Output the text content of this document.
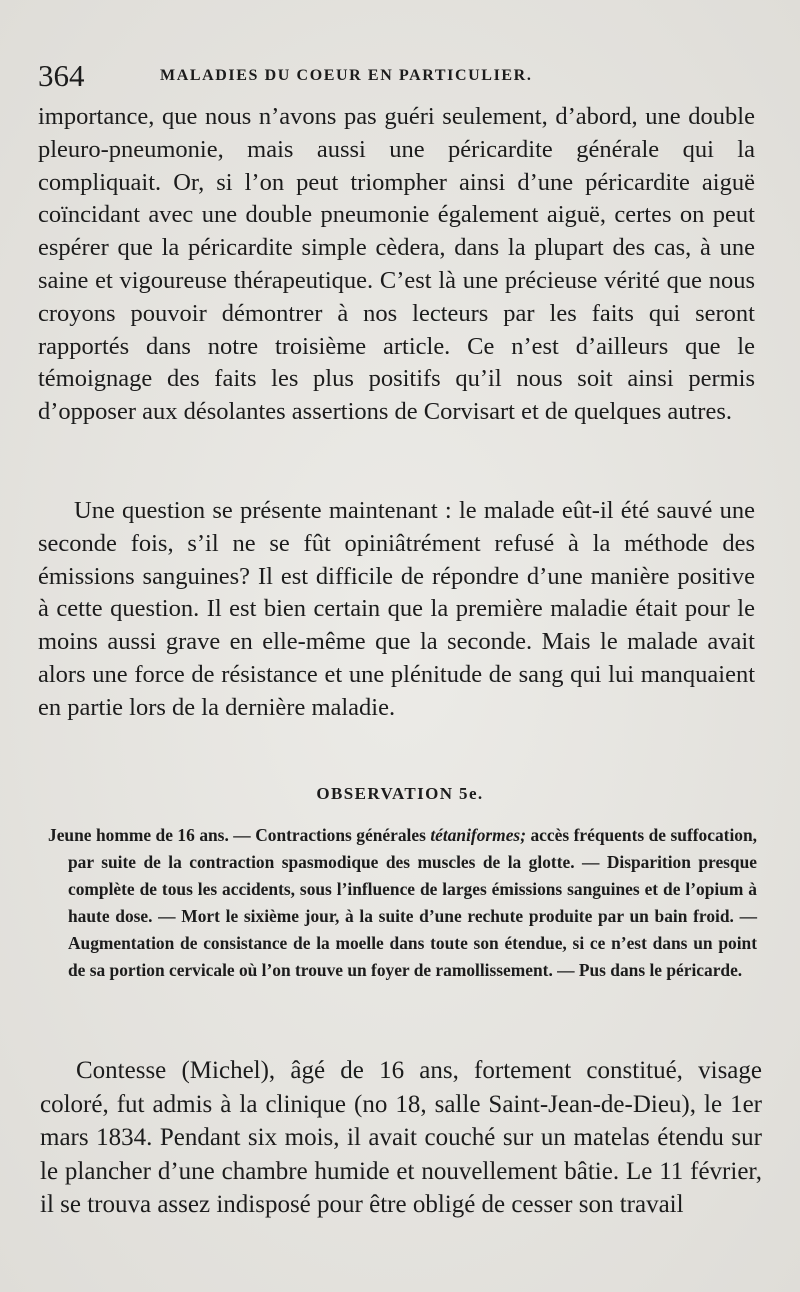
364	MALADIES DU COEUR EN PARTICULIER.

importance, que nous n’avons pas guéri seulement, d’abord, une double pleuro-pneumonie, mais aussi une péricardite générale qui la compliquait. Or, si l’on peut triompher ainsi d’une péricardite aiguë coïncidant avec une double pneumonie également aiguë, certes on peut espérer que la péricardite simple cèdera, dans la plupart des cas, à une saine et vigoureuse thérapeutique. C’est là une précieuse vérité que nous croyons pouvoir démontrer à nos lecteurs par les faits qui seront rapportés dans notre troisième article. Ce n’est d’ailleurs que le témoignage des faits les plus positifs qu’il nous soit ainsi permis d’opposer aux désolantes assertions de Corvisart et de quelques autres.

Une question se présente maintenant : le malade eût-il été sauvé une seconde fois, s’il ne se fût opiniâtrément refusé à la méthode des émissions sanguines? Il est difficile de répondre d’une manière positive à cette question. Il est bien certain que la première maladie était pour le moins aussi grave en elle-même que la seconde. Mais le malade avait alors une force de résistance et une plénitude de sang qui lui manquaient en partie lors de la dernière maladie.

OBSERVATION 5e.
Jeune homme de 16 ans. — Contractions générales tétaniformes; accès fréquents de suffocation, par suite de la contraction spasmodique des muscles de la glotte. — Disparition presque complète de tous les accidents, sous l’influence de larges émissions sanguines et de l’opium à haute dose. — Mort le sixième jour, à la suite d’une rechute produite par un bain froid. — Augmentation de consistance de la moelle dans toute son étendue, si ce n’est dans un point de sa portion cervicale où l’on trouve un foyer de ramollissement. — Pus dans le péricarde.

Contesse (Michel), âgé de 16 ans, fortement constitué, visage coloré, fut admis à la clinique (no 18, salle Saint-Jean-de-Dieu), le 1er mars 1834. Pendant six mois, il avait couché sur un matelas étendu sur le plancher d’une chambre humide et nouvellement bâtie. Le 11 février, il se trouva assez indisposé pour être obligé de cesser son travail
